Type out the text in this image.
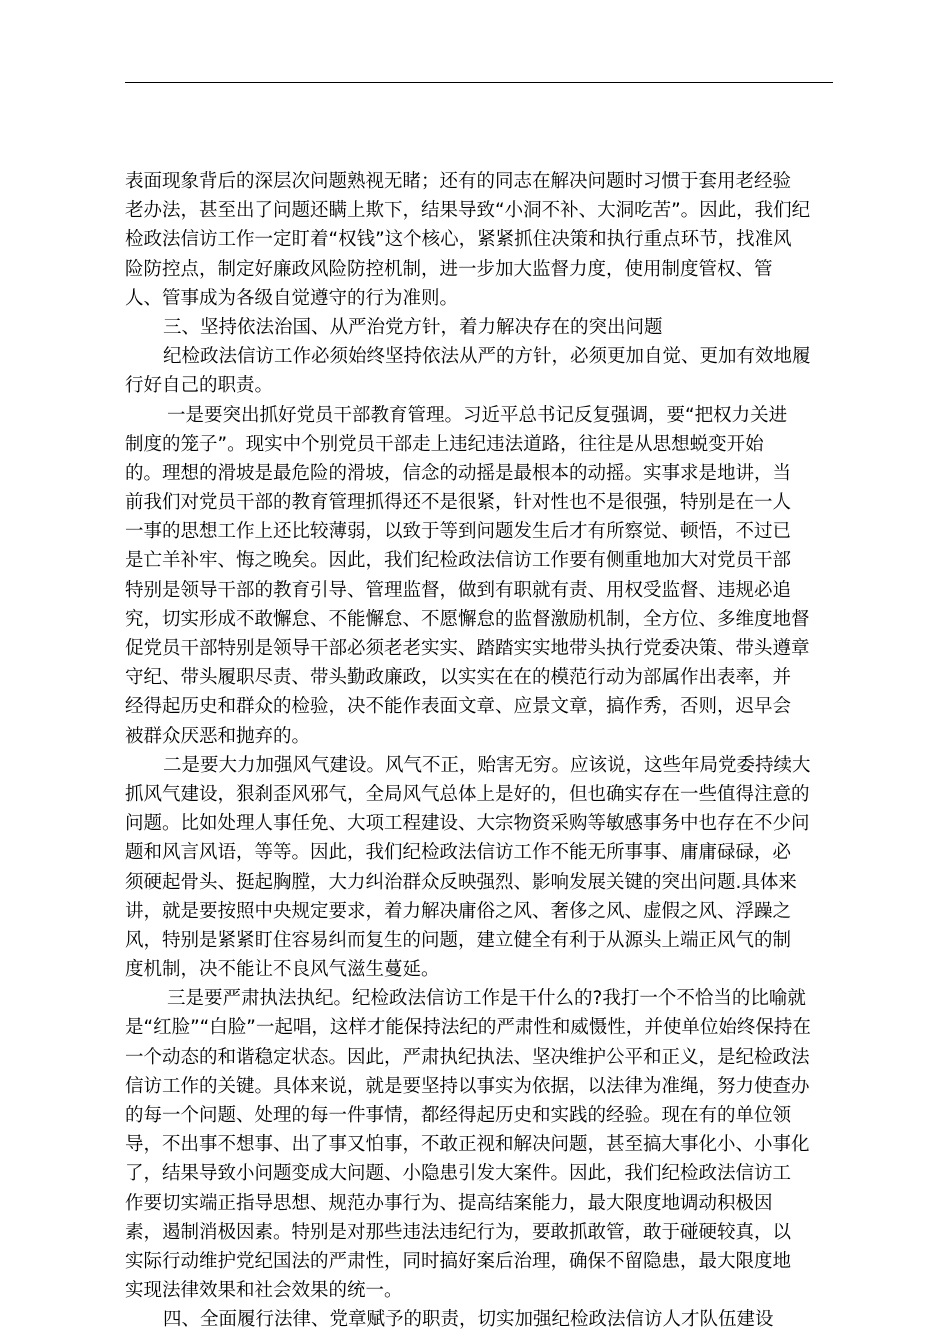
表面现象背后的深层次问题熟视无睹；还有的同志在解决问题时习惯于套用老经验
老办法，甚至出了问题还瞒上欺下，结果导致“小洞不补、大洞吃苦”。因此，我们纪
检政法信访工作一定盯着“权钱”这个核心，紧紧抓住决策和执行重点环节，找准风
险防控点，制定好廉政风险防控机制，进一步加大监督力度，使用制度管权、管
人、管事成为各级自觉遵守的行为准则。
三、坚持依法治国、从严治党方针，着力解决存在的突出问题
纪检政法信访工作必须始终坚持依法从严的方针，必须更加自觉、更加有效地履
行好自己的职责。
一是要突出抓好党员干部教育管理。习近平总书记反复强调，要“把权力关进
制度的笼子”。现实中个别党员干部走上违纪违法道路，往往是从思想蜕变开始
的。理想的滑坡是最危险的滑坡，信念的动摇是最根本的动摇。实事求是地讲，当
前我们对党员干部的教育管理抓得还不是很紧，针对性也不是很强，特别是在一人
一事的思想工作上还比较薄弱，以致于等到问题发生后才有所察觉、顿悟，不过已
是亡羊补牢、悔之晚矣。因此，我们纪检政法信访工作要有侧重地加大对党员干部
特别是领导干部的教育引导、管理监督，做到有职就有责、用权受监督、违规必追
究，切实形成不敢懈怠、不能懈怠、不愿懈怠的监督激励机制，全方位、多维度地督
促党员干部特别是领导干部必须老老实实、踏踏实实地带头执行党委决策、带头遵章
守纪、带头履职尽责、带头勤政廉政，以实实在在的模范行动为部属作出表率，并
经得起历史和群众的检验，决不能作表面文章、应景文章，搞作秀，否则，迟早会
被群众厌恶和抛弃的。
二是要大力加强风气建设。风气不正，贻害无穷。应该说，这些年局党委持续大
抓风气建设，狠刹歪风邪气，全局风气总体上是好的，但也确实存在一些值得注意的
问题。比如处理人事任免、大项工程建设、大宗物资采购等敏感事务中也存在不少问
题和风言风语，等等。因此，我们纪检政法信访工作不能无所事事、庸庸碌碌，必
须硬起骨头、挺起胸膛，大力纠治群众反映强烈、影响发展关键的突出问题.具体来
讲，就是要按照中央规定要求，着力解决庸俗之风、奢侈之风、虚假之风、浮躁之
风，特别是紧紧盯住容易纠而复生的问题，建立健全有利于从源头上端正风气的制
度机制，决不能让不良风气滋生蔓延。
三是要严肃执法执纪。纪检政法信访工作是干什么的?我打一个不恰当的比喻就
是“红脸”“白脸”一起唱，这样才能保持法纪的严肃性和威慑性，并使单位始终保持在
一个动态的和谐稳定状态。因此，严肃执纪执法、坚决维护公平和正义，是纪检政法
信访工作的关键。具体来说，就是要坚持以事实为依据，以法律为准绳，努力使查办
的每一个问题、处理的每一件事情，都经得起历史和实践的经验。现在有的单位领
导，不出事不想事、出了事又怕事，不敢正视和解决问题，甚至搞大事化小、小事化
了，结果导致小问题变成大问题、小隐患引发大案件。因此，我们纪检政法信访工
作要切实端正指导思想、规范办事行为、提高结案能力，最大限度地调动积极因
素，遏制消极因素。特别是对那些违法违纪行为，要敢抓敢管，敢于碰硬较真，以
实际行动维护党纪国法的严肃性，同时搞好案后治理，确保不留隐患，最大限度地
实现法律效果和社会效果的统一。
四、全面履行法律、党章赋予的职责，切实加强纪检政法信访人才队伍建设
